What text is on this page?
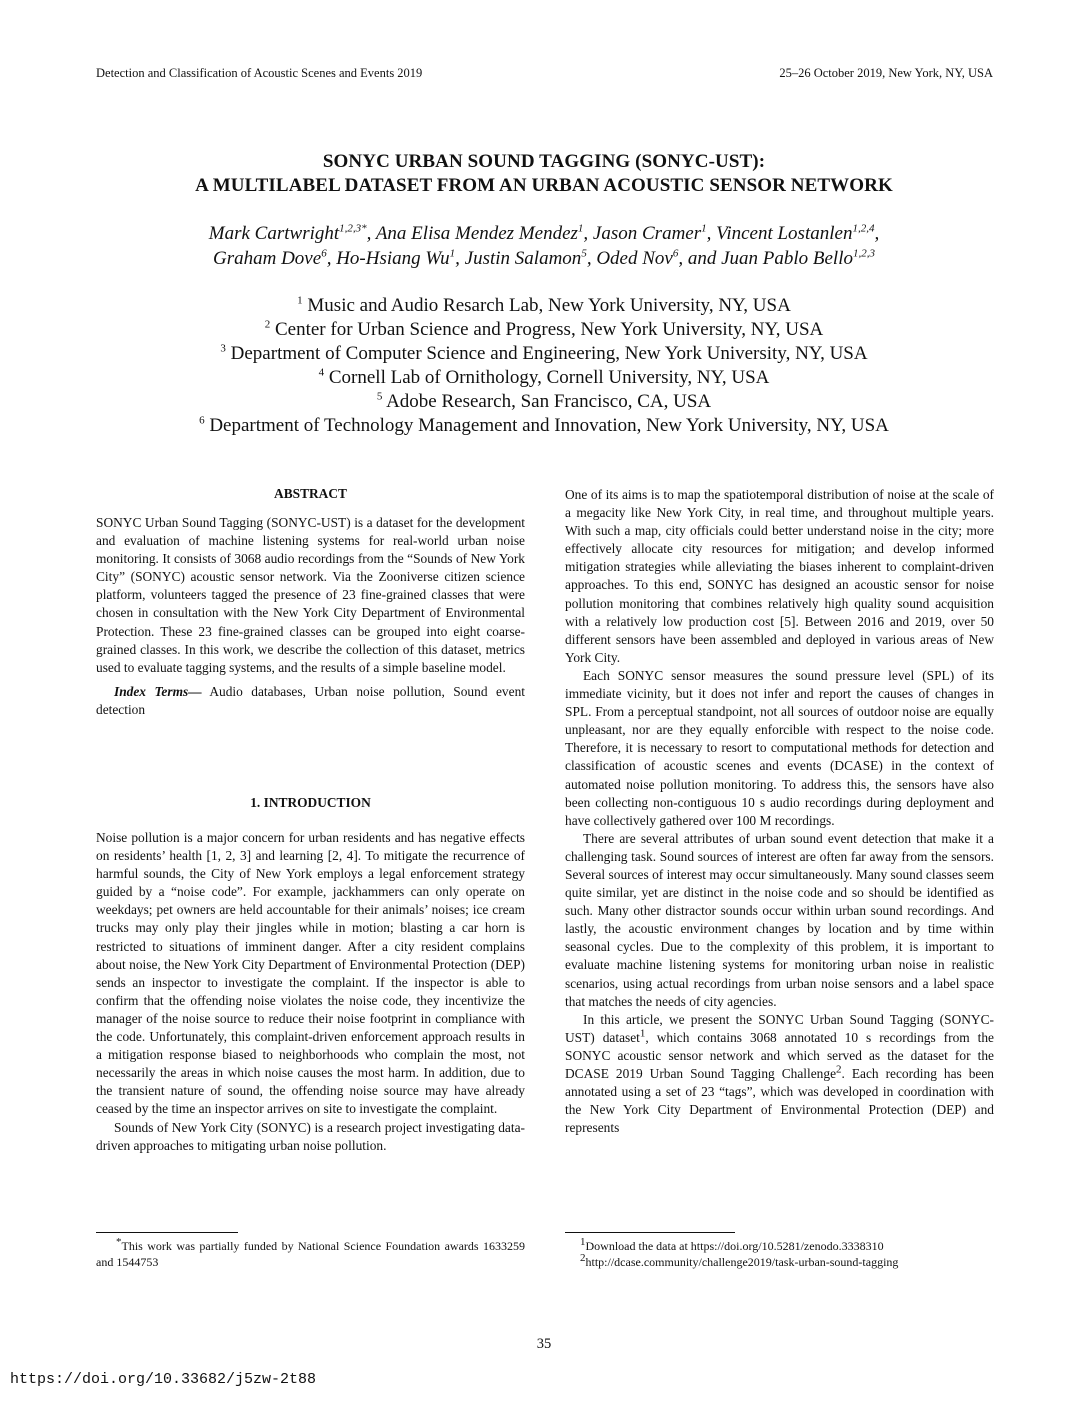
Detection and Classification of Acoustic Scenes and Events 2019	25–26 October 2019, New York, NY, USA
SONYC URBAN SOUND TAGGING (SONYC-UST):
A MULTILABEL DATASET FROM AN URBAN ACOUSTIC SENSOR NETWORK
Mark Cartwright$^{1,2,3*}$, Ana Elisa Mendez Mendez$^1$, Jason Cramer$^1$, Vincent Lostanlen$^{1,2,4}$,
Graham Dove$^6$, Ho-Hsiang Wu$^1$, Justin Salamon$^5$, Oded Nov$^6$, and Juan Pablo Bello$^{1,2,3}$
$^1$ Music and Audio Resarch Lab, New York University, NY, USA
$^2$ Center for Urban Science and Progress, New York University, NY, USA
$^3$ Department of Computer Science and Engineering, New York University, NY, USA
$^4$ Cornell Lab of Ornithology, Cornell University, NY, USA
$^5$ Adobe Research, San Francisco, CA, USA
$^6$ Department of Technology Management and Innovation, New York University, NY, USA
ABSTRACT

SONYC Urban Sound Tagging (SONYC-UST) is a dataset for the development and evaluation of machine listening systems for real-world urban noise monitoring. It consists of 3068 audio recordings from the “Sounds of New York City” (SONYC) acoustic sensor network. Via the Zooniverse citizen science platform, volunteers tagged the presence of 23 fine-grained classes that were chosen in consultation with the New York City Department of Environmental Protection. These 23 fine-grained classes can be grouped into eight coarse-grained classes. In this work, we describe the collection of this dataset, metrics used to evaluate tagging systems, and the results of a simple baseline model.

Index Terms— Audio databases, Urban noise pollution, Sound event detection

1. INTRODUCTION

Noise pollution is a major concern for urban residents and has negative effects on residents’ health [1, 2, 3] and learning [2, 4]. To mitigate the recurrence of harmful sounds, the City of New York employs a legal enforcement strategy guided by a “noise code”. For example, jackhammers can only operate on weekdays; pet owners are held accountable for their animals’ noises; ice cream trucks may only play their jingles while in motion; blasting a car horn is restricted to situations of imminent danger. After a city resident complains about noise, the New York City Department of Environmental Protection (DEP) sends an inspector to investigate the complaint. If the inspector is able to confirm that the offending noise violates the noise code, they incentivize the manager of the noise source to reduce their noise footprint in compliance with the code. Unfortunately, this complaint-driven enforcement approach results in a mitigation response biased to neighborhoods who complain the most, not necessarily the areas in which noise causes the most harm. In addition, due to the transient nature of sound, the offending noise source may have already ceased by the time an inspector arrives on site to investigate the complaint.

Sounds of New York City (SONYC) is a research project investigating data-driven approaches to mitigating urban noise pollution.

One of its aims is to map the spatiotemporal distribution of noise at the scale of a megacity like New York City, in real time, and throughout multiple years. With such a map, city officials could better understand noise in the city; more effectively allocate city resources for mitigation; and develop informed mitigation strategies while alleviating the biases inherent to complaint-driven approaches. To this end, SONYC has designed an acoustic sensor for noise pollution monitoring that combines relatively high quality sound acquisition with a relatively low production cost [5]. Between 2016 and 2019, over 50 different sensors have been assembled and deployed in various areas of New York City.

Each SONYC sensor measures the sound pressure level (SPL) of its immediate vicinity, but it does not infer and report the causes of changes in SPL. From a perceptual standpoint, not all sources of outdoor noise are equally unpleasant, nor are they equally enforcible with respect to the noise code. Therefore, it is necessary to resort to computational methods for detection and classification of acoustic scenes and events (DCASE) in the context of automated noise pollution monitoring. To address this, the sensors have also been collecting non-contiguous 10 s audio recordings during deployment and have collectively gathered over 100 M recordings.

There are several attributes of urban sound event detection that make it a challenging task. Sound sources of interest are often far away from the sensors. Several sources of interest may occur simultaneously. Many sound classes seem quite similar, yet are distinct in the noise code and so should be identified as such. Many other distractor sounds occur within urban sound recordings. And lastly, the acoustic environment changes by location and by time within seasonal cycles. Due to the complexity of this problem, it is important to evaluate machine listening systems for monitoring urban noise in realistic scenarios, using actual recordings from urban noise sensors and a label space that matches the needs of city agencies.

In this article, we present the SONYC Urban Sound Tagging (SONYC-UST) dataset$^1$, which contains 3068 annotated 10 s recordings from the SONYC acoustic sensor network and which served as the dataset for the DCASE 2019 Urban Sound Tagging Challenge$^2$. Each recording has been annotated using a set of 23 “tags”, which was developed in coordination with the New York City Department of Environmental Protection (DEP) and represents

*This work was partially funded by National Science Foundation awards 1633259 and 1544753
$^1$Download the data at https://doi.org/10.5281/zenodo.3338310
$^2$http://dcase.community/challenge2019/task-urban-sound-tagging
35
https://doi.org/10.33682/j5zw-2t88
